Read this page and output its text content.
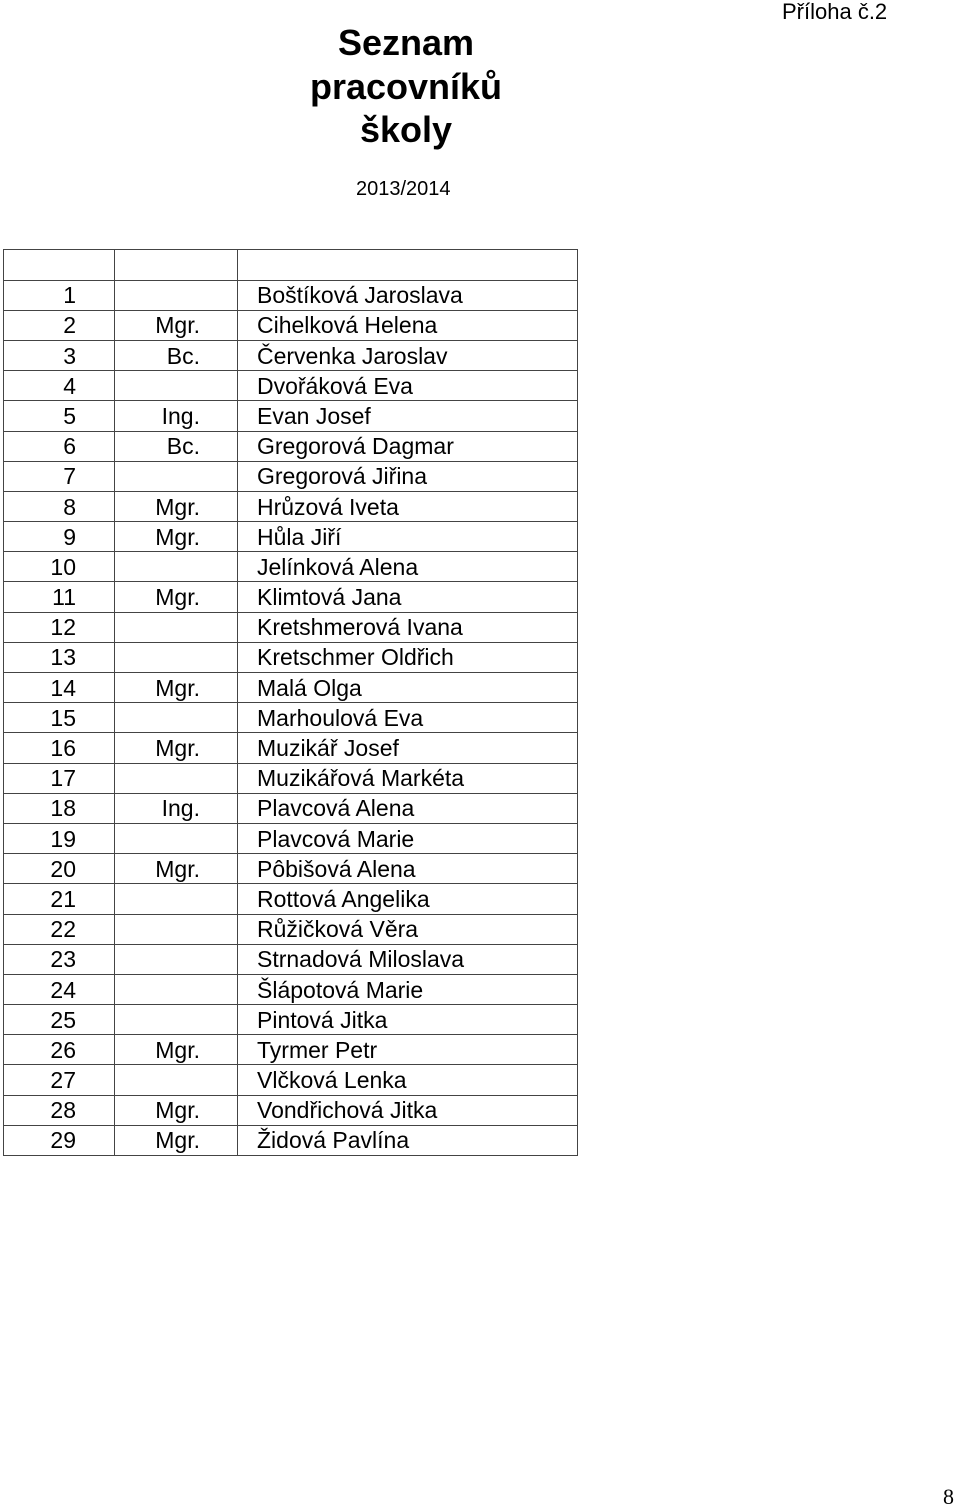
Příloha č.2
Seznam
pracovníků
školy
2013/2014

1		Boštíková Jaroslava
2	Mgr.	Cihelková Helena
3	Bc.	Červenka Jaroslav
4		Dvořáková Eva
5	Ing.	Evan Josef
6	Bc.	Gregorová Dagmar
7		Gregorová Jiřina
8	Mgr.	Hrůzová Iveta
9	Mgr.	Hůla Jiří
10		Jelínková Alena
11	Mgr.	Klimtová Jana
12		Kretshmerová Ivana
13		Kretschmer Oldřich
14	Mgr.	Malá Olga
15		Marhoulová Eva
16	Mgr.	Muzikář Josef
17		Muzikářová Markéta
18	Ing.	Plavcová Alena
19		Plavcová Marie
20	Mgr.	Pôbišová Alena
21		Rottová Angelika
22		Růžičková Věra
23		Strnadová Miloslava
24		Šlápotová Marie
25		Pintová Jitka
26	Mgr.	Tyrmer Petr
27		Vlčková Lenka
28	Mgr.	Vondřichová Jitka
29	Mgr.	Židová Pavlína
8
